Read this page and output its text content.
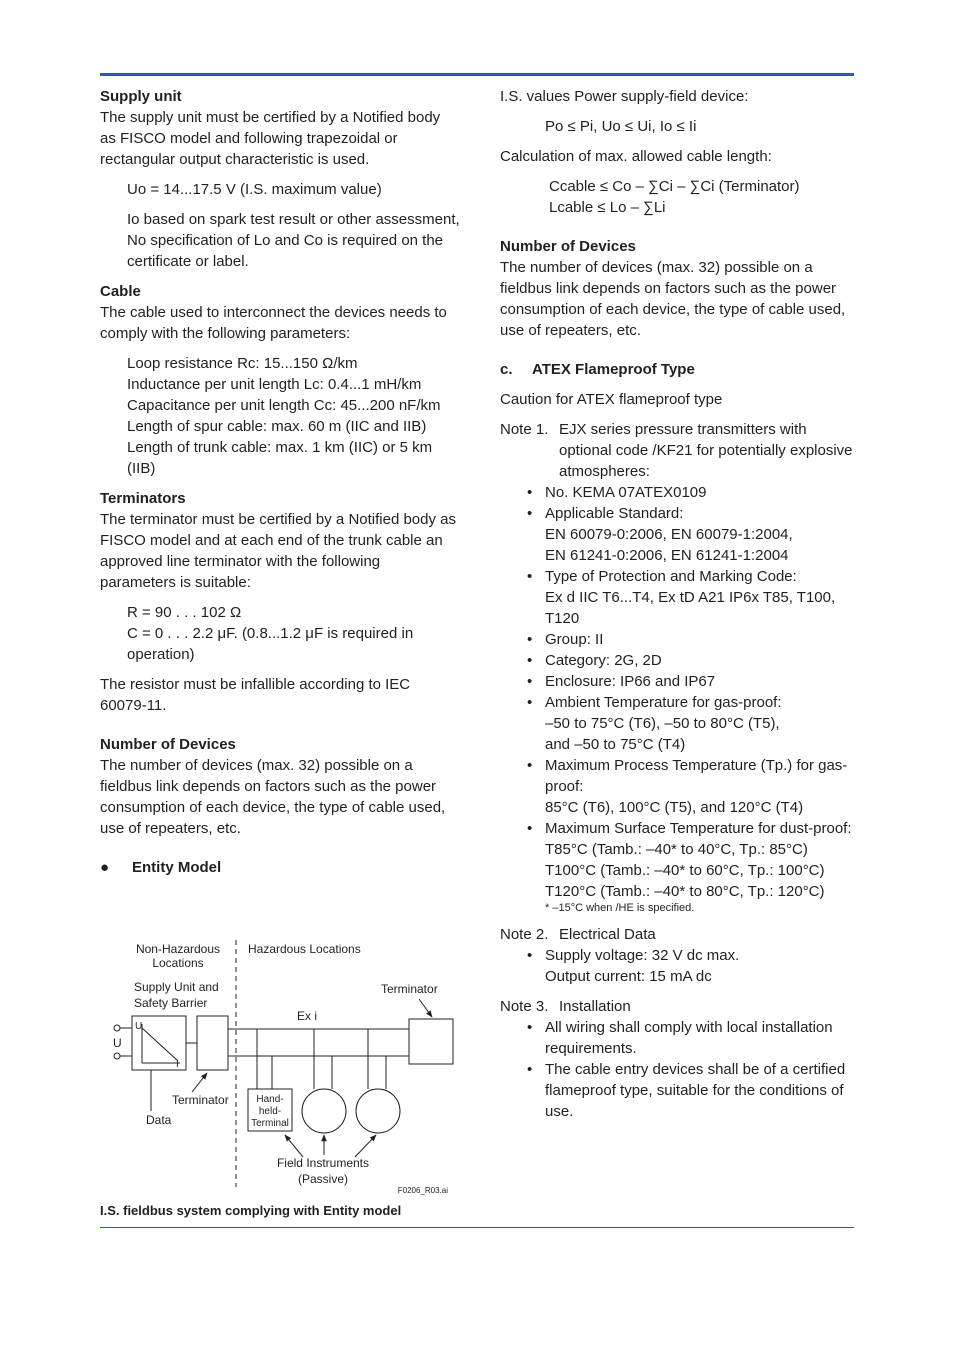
Supply unit

The supply unit must be certified by a Notified body as FISCO model and following trapezoidal or rectangular output characteristic is used.

Uo = 14...17.5 V (I.S. maximum value)

Io based on spark test result or other assessment,

No specification of Lo and Co is required on the certificate or label.

Cable

The cable used to interconnect the devices needs to comply with the following parameters:

Loop resistance Rc: 15...150 Ω/km

Inductance per unit length Lc: 0.4...1 mH/km

Capacitance per unit length Cc: 45...200 nF/km

Length of spur cable: max. 60 m (IIC and IIB)

Length of trunk cable: max. 1 km (IIC) or 5 km (IIB)

Terminators

The terminator must be certified by a Notified body as FISCO model and at each end of the trunk cable an approved line terminator with the following parameters is suitable:

R = 90 . . . 102 Ω

C = 0 . . . 2.2 μF. (0.8...1.2 μF is required in operation)

The resistor must be infallible according to IEC 60079-11.

Number of Devices

The number of devices (max. 32) possible on a fieldbus link depends on factors such as the power consumption of each device, the type of cable used, use of repeaters, etc.

●	Entity Model
Non-Hazardous
Locations
Hazardous Locations
Supply Unit and
Safety Barrier
Terminator
Ex i
U
U
I
Data
Terminator	Hand-
held-
Terminal
Field Instruments
(Passive)
F0206_R03.ai
I.S. fieldbus system complying with Entity model

I.S. values Power supply-field device:

Po ≤ Pi, Uo ≤ Ui, Io ≤ Ii

Calculation of max. allowed cable length:

Ccable ≤ Co – ∑Ci – ∑Ci (Terminator)

Lcable ≤ Lo – ∑Li

Number of Devices

The number of devices (max. 32) possible on a fieldbus link depends on factors such as the power consumption of each device, the type of cable used, use of repeaters, etc.

c.	ATEX Flameproof Type

Caution for ATEX flameproof type

Note 1. EJX series pressure transmitters with optional code /KF21 for potentially explosive atmospheres:
• No. KEMA 07ATEX0109
• Applicable Standard:
EN 60079-0:2006, EN 60079-1:2004,
EN 61241-0:2006, EN 61241-1:2004
• Type of Protection and Marking Code:
Ex d IIC T6...T4, Ex tD A21 IP6x T85, T100, T120
• Group: II
• Category: 2G, 2D
• Enclosure: IP66 and IP67
• Ambient Temperature for gas-proof:
–50 to 75°C (T6), –50 to 80°C (T5),
and –50 to 75°C (T4)
• Maximum Process Temperature (Tp.) for gas-proof:
85°C (T6), 100°C (T5), and 120°C (T4)
• Maximum Surface Temperature for dust-proof:
T85°C (Tamb.: –40* to 40°C, Tp.: 85°C)
T100°C (Tamb.: –40* to 60°C, Tp.: 100°C)
T120°C (Tamb.: –40* to 80°C, Tp.: 120°C)

* –15°C when /HE is specified.

Note 2. Electrical Data
• Supply voltage: 32 V dc max.
Output current: 15 mA dc
Note 3. Installation
• All wiring shall comply with local installation requirements.
• The cable entry devices shall be of a certified flameproof type, suitable for the conditions of use.
